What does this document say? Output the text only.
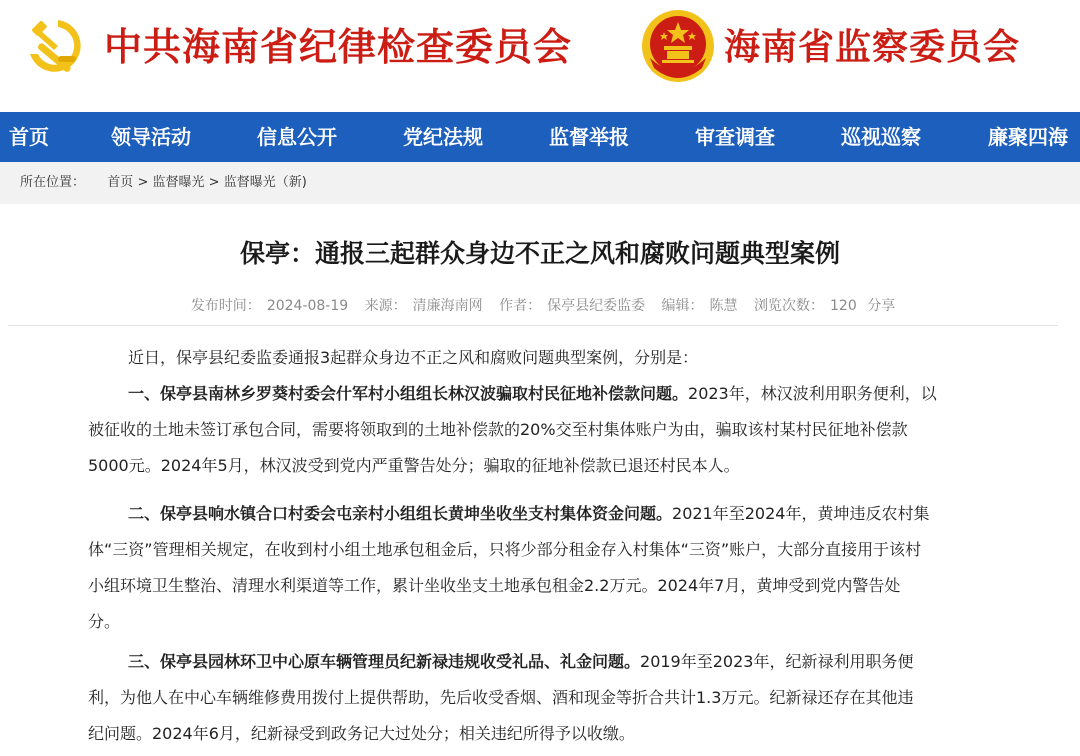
中共海南省纪律检查委员会	海南省监察委员会
首页	领导活动	信息公开	党纪法规	监督举报	审查调查	巡视巡察	廉聚四海
所在位置： 首页 > 监督曝光 > 监督曝光（新)
保亭：通报三起群众身边不正之风和腐败问题典型案例
发布时间： 2024-08-19 来源： 清廉海南网 作者： 保亭县纪委监委 编辑： 陈慧 浏览次数： 120 分享

近日，保亭县纪委监委通报3起群众身边不正之风和腐败问题典型案例，分别是：

一、保亭县南林乡罗葵村委会什军村小组组长林汉波骗取村民征地补偿款问题。2023年，林汉波利用职务便利，以
被征收的土地未签订承包合同，需要将领取到的土地补偿款的20%交至村集体账户为由，骗取该村某村民征地补偿款
5000元。2024年5月，林汉波受到党内严重警告处分；骗取的征地补偿款已退还村民本人。

二、保亭县响水镇合口村委会屯亲村小组组长黄坤坐收坐支村集体资金问题。2021年至2024年，黄坤违反农村集
体“三资”管理相关规定，在收到村小组土地承包租金后，只将少部分租金存入村集体“三资”账户，大部分直接用于该村
小组环境卫生整治、清理水利渠道等工作，累计坐收坐支土地承包租金2.2万元。2024年7月，黄坤受到党内警告处
分。

三、保亭县园林环卫中心原车辆管理员纪新禄违规收受礼品、礼金问题。2019年至2023年，纪新禄利用职务便
利，为他人在中心车辆维修费用拨付上提供帮助，先后收受香烟、酒和现金等折合共计1.3万元。纪新禄还存在其他违
纪问题。2024年6月，纪新禄受到政务记大过处分；相关违纪所得予以收缴。
